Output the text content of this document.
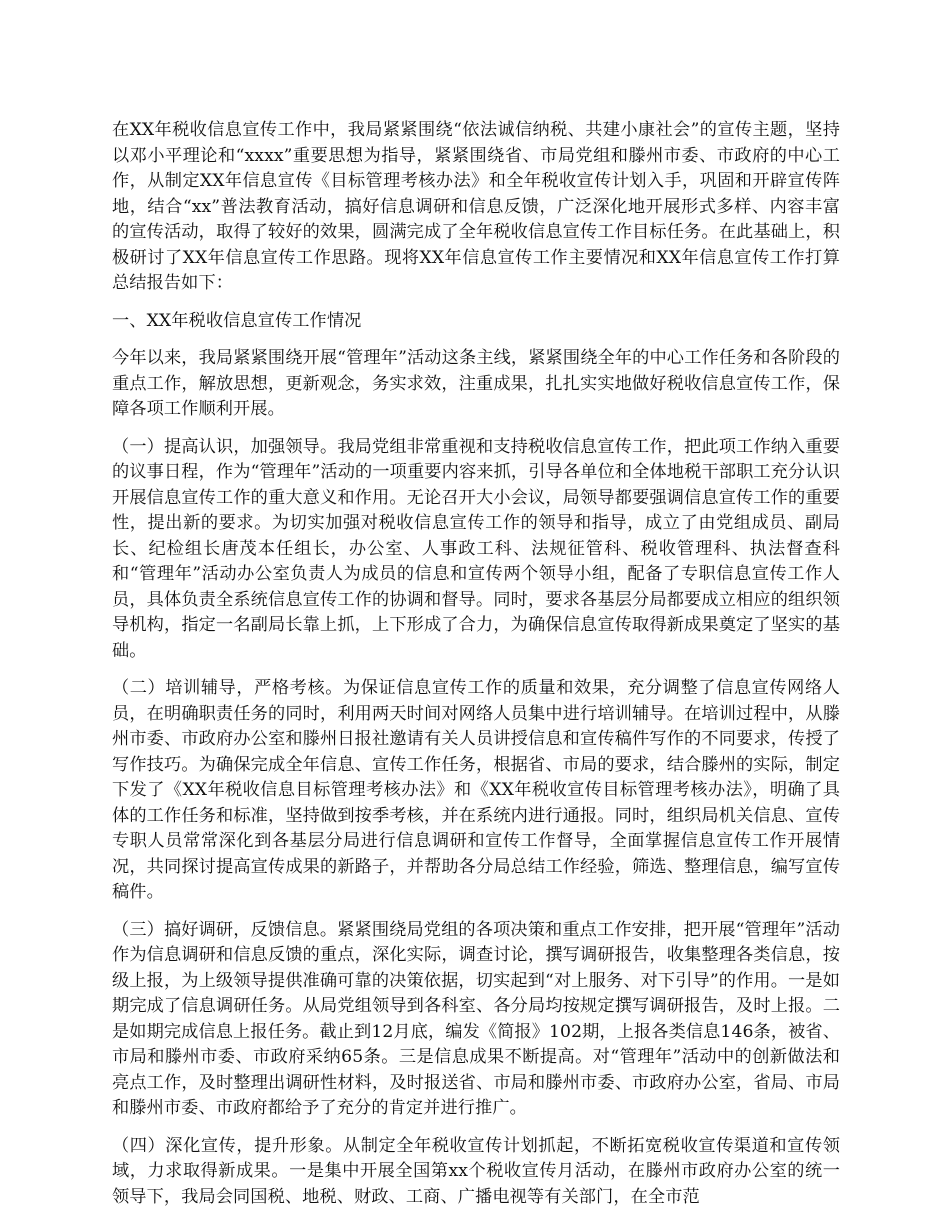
在XX年税收信息宣传工作中，我局紧紧围绕“依法诚信纳税、共建小康社会”的宣传主题，坚持以邓小平理论和“xxxx”重要思想为指导，紧紧围绕省、市局党组和滕州市委、市政府的中心工作，从制定XX年信息宣传《目标管理考核办法》和全年税收宣传计划入手，巩固和开辟宣传阵地，结合“xx”普法教育活动，搞好信息调研和信息反馈，广泛深化地开展形式多样、内容丰富的宣传活动，取得了较好的效果，圆满完成了全年税收信息宣传工作目标任务。在此基础上，积极研讨了XX年信息宣传工作思路。现将XX年信息宣传工作主要情况和XX年信息宣传工作打算总结报告如下：

一、XX年税收信息宣传工作情况

今年以来，我局紧紧围绕开展“管理年”活动这条主线，紧紧围绕全年的中心工作任务和各阶段的重点工作，解放思想，更新观念，务实求效，注重成果，扎扎实实地做好税收信息宣传工作，保障各项工作顺利开展。

（一）提高认识，加强领导。我局党组非常重视和支持税收信息宣传工作，把此项工作纳入重要的议事日程，作为“管理年”活动的一项重要内容来抓，引导各单位和全体地税干部职工充分认识开展信息宣传工作的重大意义和作用。无论召开大小会议，局领导都要强调信息宣传工作的重要性，提出新的要求。为切实加强对税收信息宣传工作的领导和指导，成立了由党组成员、副局长、纪检组长唐茂本任组长，办公室、人事政工科、法规征管科、税收管理科、执法督查科和“管理年”活动办公室负责人为成员的信息和宣传两个领导小组，配备了专职信息宣传工作人员，具体负责全系统信息宣传工作的协调和督导。同时，要求各基层分局都要成立相应的组织领导机构，指定一名副局长靠上抓，上下形成了合力，为确保信息宣传取得新成果奠定了坚实的基础。

（二）培训辅导，严格考核。为保证信息宣传工作的质量和效果，充分调整了信息宣传网络人员，在明确职责任务的同时，利用两天时间对网络人员集中进行培训辅导。在培训过程中，从滕州市委、市政府办公室和滕州日报社邀请有关人员讲授信息和宣传稿件写作的不同要求，传授了写作技巧。为确保完成全年信息、宣传工作任务，根据省、市局的要求，结合滕州的实际，制定下发了《XX年税收信息目标管理考核办法》和《XX年税收宣传目标管理考核办法》，明确了具体的工作任务和标准，坚持做到按季考核，并在系统内进行通报。同时，组织局机关信息、宣传专职人员常常深化到各基层分局进行信息调研和宣传工作督导，全面掌握信息宣传工作开展情况，共同探讨提高宣传成果的新路子，并帮助各分局总结工作经验，筛选、整理信息，编写宣传稿件。

（三）搞好调研，反馈信息。紧紧围绕局党组的各项决策和重点工作安排，把开展“管理年”活动作为信息调研和信息反馈的重点，深化实际，调查讨论，撰写调研报告，收集整理各类信息，按级上报，为上级领导提供准确可靠的决策依据，切实起到“对上服务、对下引导”的作用。一是如期完成了信息调研任务。从局党组领导到各科室、各分局均按规定撰写调研报告，及时上报。二是如期完成信息上报任务。截止到12月底，编发《简报》102期，上报各类信息146条，被省、市局和滕州市委、市政府采纳65条。三是信息成果不断提高。对“管理年”活动中的创新做法和亮点工作，及时整理出调研性材料，及时报送省、市局和滕州市委、市政府办公室，省局、市局和滕州市委、市政府都给予了充分的肯定并进行推广。

（四）深化宣传，提升形象。从制定全年税收宣传计划抓起，不断拓宽税收宣传渠道和宣传领域，力求取得新成果。一是集中开展全国第xx个税收宣传月活动，在滕州市政府办公室的统一领导下，我局会同国税、地税、财政、工商、广播电视等有关部门，在全市范
